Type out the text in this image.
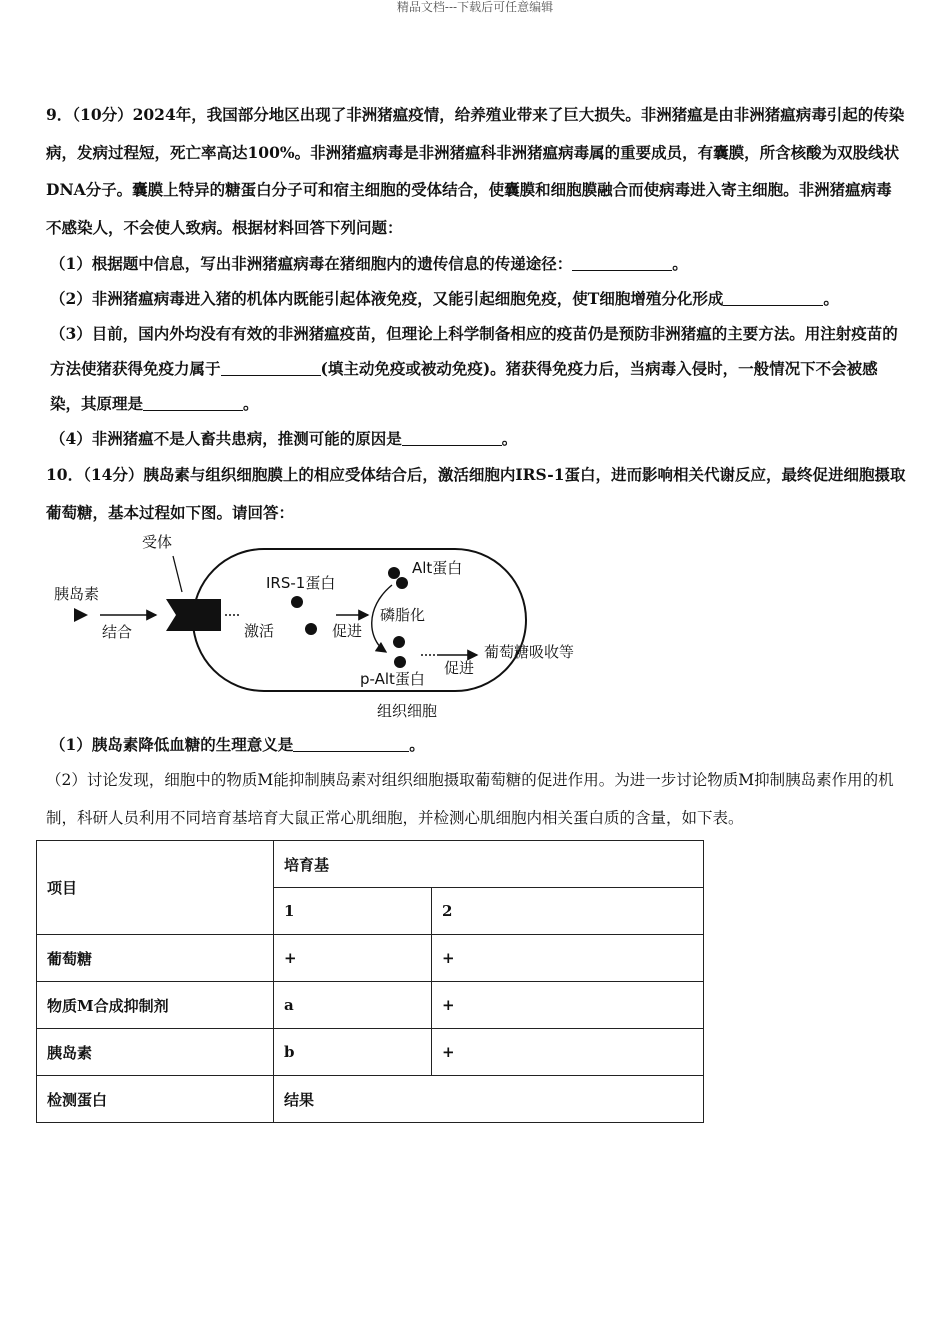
精品文档---下载后可任意编辑

9．（10分）2024年，我国部分地区出现了非洲猪瘟疫情，给养殖业带来了巨大损失。非洲猪瘟是由非洲猪瘟病毒引起的传染病，发病过程短，死亡率高达100%。非洲猪瘟病毒是非洲猪瘟科非洲猪瘟病毒属的重要成员，有囊膜，所含核酸为双股线状DNA分子。囊膜上特异的糖蛋白分子可和宿主细胞的受体结合，使囊膜和细胞膜融合而使病毒进入寄主细胞。非洲猪瘟病毒不感染人，不会使人致病。根据材料回答下列问题：

（1）根据题中信息，写出非洲猪瘟病毒在猪细胞内的遗传信息的传递途径：	。

（2）非洲猪瘟病毒进入猪的机体内既能引起体液免疫，又能引起细胞免疫，使T细胞增殖分化形成	。

（3）目前，国内外均没有有效的非洲猪瘟疫苗，但理论上科学制备相应的疫苗仍是预防非洲猪瘟的主要方法。用注射疫苗的方法使猪获得免疫力属于	(填主动免疫或被动免疫)。猪获得免疫力后，当病毒入侵时，一般情况下不会被感染，其原理是	。

（4）非洲猪瘟不是人畜共患病，推测可能的原因是	。

10．（14分）胰岛素与组织细胞膜上的相应受体结合后，激活细胞内IRS-1蛋白，进而影响相关代谢反应，最终促进细胞摄取葡萄糖，基本过程如下图。请回答：

受体
胰岛素
结合
IRS-1蛋白
激活	促进
Alt蛋白
磷脂化
促进
p-Alt蛋白
葡萄糖吸收等
组织细胞

（1）胰岛素降低血糖的生理意义是	。

（2）讨论发现，细胞中的物质M能抑制胰岛素对组织细胞摄取葡萄糖的促进作用。为进一步讨论物质M抑制胰岛素作用的机制，科研人员利用不同培育基培育大鼠正常心肌细胞，并检测心肌细胞内相关蛋白质的含量，如下表。

项目	培育基	
	1	2
葡萄糖	+	+
物质M合成抑制剂	a	+
胰岛素	b	+
检测蛋白	结果	
